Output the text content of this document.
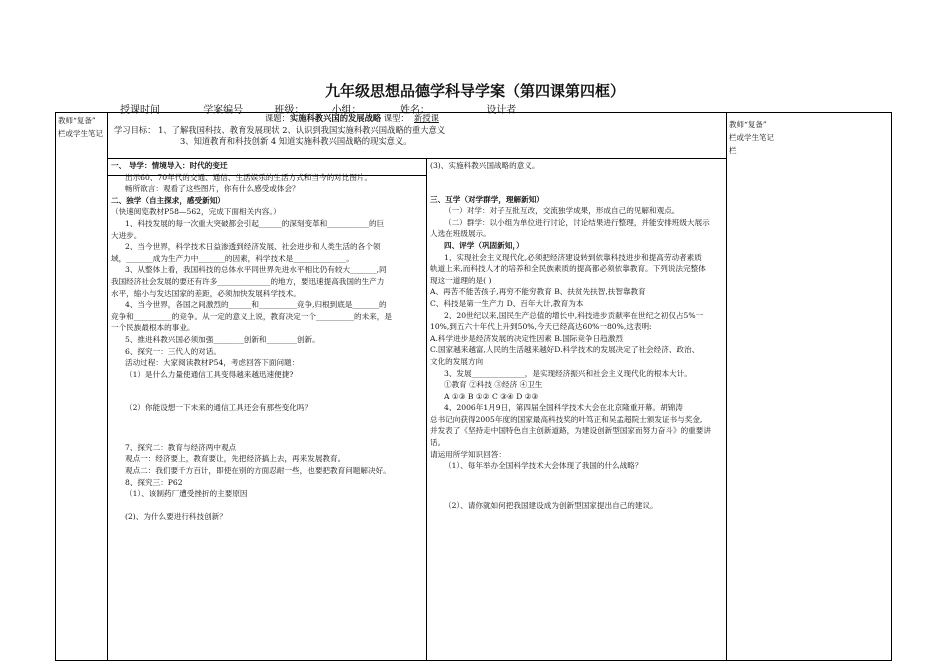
九年级思想品德学科导学案（第四课第四框）
授课时间	学案编号	班级：	小组：	姓名：	设计者
教师“复备”
栏或学生笔记
教师“复备”
栏或学生笔记
栏
课题：实施科教兴国的发展战略 课型： 新授课
学习目标： 1、了解我国科技、教育发展现状 2、认识到我国实施科教兴国战略的重大意义
3、知道教育和科技创新 4 知道实施科教兴国战略的现实意义。
一、 导学：情境导入：时代的变迁
出示60、70年代的交通、通信、生活娱乐的生活方式和当今的对比图片。
畅所欲言：观看了这些图片，你有什么感受或体会？
二、独学（自主探求，感受新知）
（快速阅览教材P58—562，完成下面相关内容。）
1、科技发展的每一次重大突破都会引起______的深刻变革和___________的巨
大进步。
2、当今世界，科学技术日益渗透到经济发展、社会进步和人类生活的各个领
域，_______成为生产力中_______的因素，科学技术是______________。
3、从整体上看，我国科技的总体水平同世界先进水平相比仍有较大_______,同
我国经济社会发展的要还有许多______________的地方，要迅速提高我国的生产力
水平，缩小与发达国家的差距，必须加快发展科学技术。
4、当今世界，各国之间激烈的______和__________竞争,归根到底是_______的
竞争和__________的竞争。从一定的意义上说，教育决定一个__________的未来，是
一个民族最根本的事业。
5、推进科教兴国必须加强________创新和________创新。
6、探究一：三代人的对话。
活动过程：大家阅读教材P54，考虑回答下面问题：
（1）是什么力量使通信工具变得越来越迅速便捷?
（2）你能设想一下未来的通信工具还会有那些变化吗？
7、探究二：教育与经济两中观点
观点一：经济要上，教育要让，先把经济搞上去，再来发展教育。
观点二：我们要千方百计，即使在别的方面忍耐一些，也要把教育问题解决好。
8、探究三：P62
（1）、该制药厂遭受挫折的主要原因
(2)、为什么要进行科技创新？
(3)、实施科教兴国战略的意义。
三、互学（对学群学，理解新知）
（一）对学：对子互批互改，交流独学成果，形成自己的见解和观点。
（二）群学：以小组为单位进行讨论，讨论结果进行整理，并能安排班级大展示
人选在班级展示。
四、评学（巩固新知，）
1、实现社会主义现代化,必须把经济建设转到依靠科技进步和提高劳动者素质
轨道上来,而科技人才的培养和全民族素质的提高都必须依靠教育。下列说法完整体
现这一道理的是( )
A、再苦不能苦孩子,再穷不能穷教育 B、扶贫先扶智,扶智靠教育
C、科技是第一生产力 D、百年大计,教育为本
2、20世纪以来,国民生产总值的增长中,科技进步贡献率在世纪之初仅占5%一
10%,到五六十年代上升到50%,今天已经高达60%一80%,这表明:
A.科学进步是经济发展的决定性因素 B.国际竞争日趋激烈
C.国家越来越富,人民的生活越来越好D.科学技术的发展决定了社会经济、政治、
文化的发展方向
3、发展______________，是实现经济振兴和社会主义现代化的根本大计。
①教育 ②科技 ③经济 ④卫生
A ①③ B ①② C ③④ D ②③
4、2006年1月9日，第四届全国科学技术大会在北京隆重开幕。胡锦涛
总书记向获得2005年度的国家最高科技奖的叶笃正和吴孟超院士颁发证书与奖金,
并发表了《坚持走中国特色自主创新道路，为建设创新型国家而努力奋斗》的重要讲
话。
请运用所学知识回答：
（1）、每年举办全国科学技术大会体现了我国的什么战略？
（2）、请你就如何把我国建设成为创新型国家提出自己的建议。
